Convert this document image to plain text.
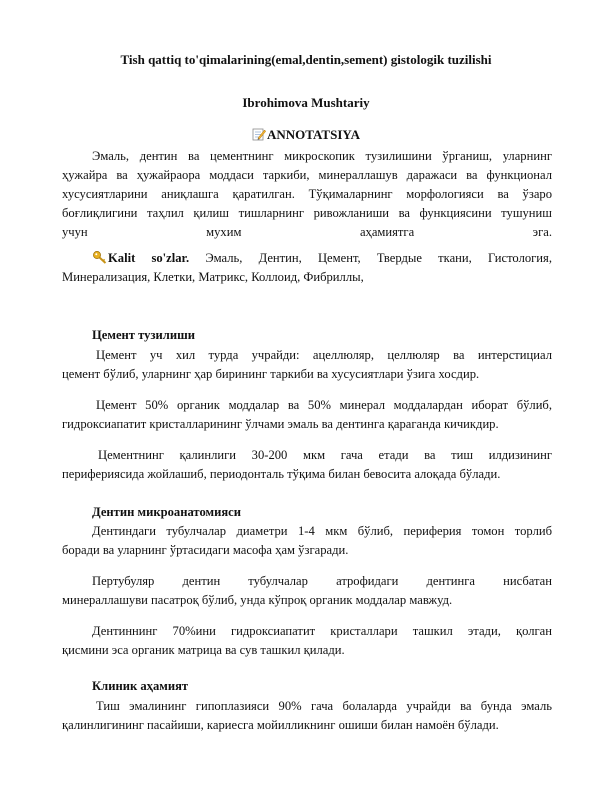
Tish qattiq to'qimalarining(emal,dentin,sement) gistologik tuzilishi
Ibrohimova Mushtariy
ANNOTATSIYA
Эмаль, дентин ва цементнинг микроскопик тузилишини ўрганиш, уларнинг
ҳужайра ва ҳужайраора моддаси таркиби, минераллашув даражаси ва функционал
хусусиятларини аниқлашга қаратилган. Тўқималарнинг морфологияси ва ўзаро
боғлиқлигини таҳлил қилиш тишларнинг ривожланиши ва функциясини тушуниш
учун мухим аҳамиятга эга.
Kalit so'zlar. Эмаль, Дентин, Цемент, Твердые ткани, Гистология,
Минерализация, Клетки, Матрикс, Коллоид, Фибриллы,
Цемент тузилиши
Цемент уч хил турда учрайди: ацеллюляр, целлюляр ва интерстициал
цемент бўлиб, уларнинг ҳар бирининг таркиби ва хусусиятлари ўзига хосдир.
Цемент 50% органик моддалар ва 50% минерал моддалардан иборат бўлиб,
гидроксиапатит кристалларининг ўлчами эмаль ва дентинга қараганда кичикдир.
Цементнинг қалинлиги 30-200 мкм гача етади ва тиш илдизининг
периферияcида жойлашиб, периодонталь тўқима билан бевосита алоқада бўлади.
Дентин микроанатомияси
Дентиндаги тубулчалар диаметри 1-4 мкм бўлиб, периферия томон торлиб
боради ва уларнинг ўртасидаги масофа ҳам ўзгаради.
Пертубуляр дентин тубулчалар атрофидаги дентинга нисбатан
минераллашуви пасатроқ бўлиб, унда кўпроқ органик моддалар мавжуд.
Дентиннинг 70%ини гидроксиапатит кристаллари ташкил этади, қолган
қисмини эса органик матрица ва сув ташкил қилади.
Клиник аҳамият
Тиш эмалининг гипоплазияси 90% гача болаларда учрайди ва бунда эмаль
қалинлигининг пасайиши, кариесга мойилликнинг ошиши билан намоён бўлади.
